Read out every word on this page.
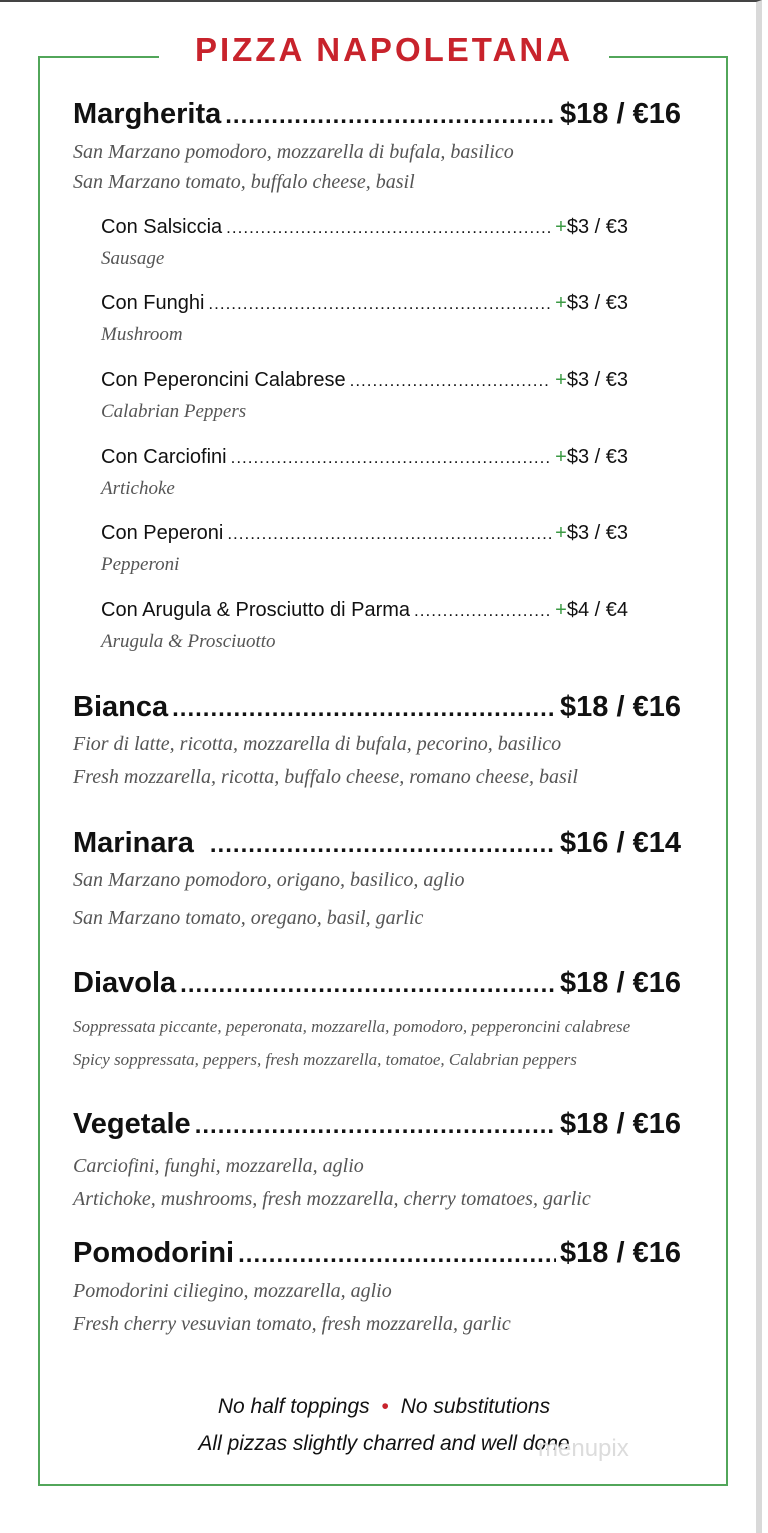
PIZZA NAPOLETANA
Margherita .....	$18 / €16
San Marzano pomodoro, mozzarella di bufala, basilico
San Marzano tomato, buffalo cheese, basil
Con Salsiccia .....	+$3 / €3
Sausage
Con Funghi .....	+$3 / €3
Mushroom
Con Peperoncini Calabrese .....	+$3 / €3
Calabrian Peppers
Con Carciofini .....	+$3 / €3
Artichoke
Con Peperoni .....	+$3 / €3
Pepperoni
Con Arugula & Prosciutto di Parma .....	+$4 / €4
Arugula & Prosciuotto
Bianca .....	$18 / €16
Fior di latte, ricotta, mozzarella di bufala, pecorino, basilico
Fresh mozzarella, ricotta, buffalo cheese, romano cheese, basil
Marinara .....	$16 / €14
San Marzano pomodoro, origano, basilico, aglio
San Marzano tomato, oregano, basil, garlic
Diavola .....	$18 / €16
Soppressata piccante, peperonata, mozzarella, pomodoro, pepperoncini calabrese
Spicy soppressata, peppers, fresh mozzarella, tomatoe, Calabrian peppers
Vegetale .....	$18 / €16
Carciofini, funghi, mozzarella, aglio
Artichoke, mushrooms, fresh mozzarella, cherry tomatoes, garlic
Pomodorini .....	$18 / €16
Pomodorini ciliegino, mozzarella, aglio
Fresh cherry vesuvian tomato, fresh mozzarella, garlic
No half toppings • No substitutions
All pizzas slightly charred and well done
menupix
